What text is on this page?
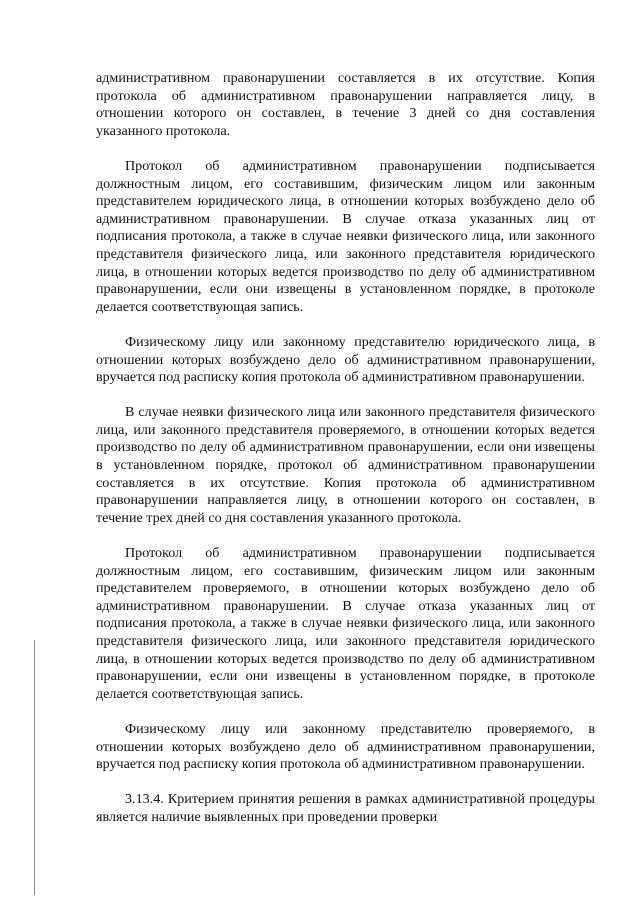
административном правонарушении составляется в их отсутствие. Копия протокола об административном правонарушении направляется лицу, в отношении которого он составлен, в течение 3 дней со дня составления указанного протокола.

Протокол об административном правонарушении подписывается должностным лицом, его составившим, физическим лицом или законным представителем юридического лица, в отношении которых возбуждено дело об административном правонарушении. В случае отказа указанных лиц от подписания протокола, а также в случае неявки физического лица, или законного представителя физического лица, или законного представителя юридического лица, в отношении которых ведется производство по делу об административном правонарушении, если они извещены в установленном порядке, в протоколе делается соответствующая запись.

Физическому лицу или законному представителю юридического лица, в отношении которых возбуждено дело об административном правонарушении, вручается под расписку копия протокола об административном правонарушении.

В случае неявки физического лица или законного представителя физического лица, или законного представителя проверяемого, в отношении которых ведется производство по делу об административном правонарушении, если они извещены в установленном порядке, протокол об административном правонарушении составляется в их отсутствие. Копия протокола об административном правонарушении направляется лицу, в отношении которого он составлен, в течение трех дней со дня составления указанного протокола.

Протокол об административном правонарушении подписывается должностным лицом, его составившим, физическим лицом или законным представителем проверяемого, в отношении которых возбуждено дело об административном правонарушении. В случае отказа указанных лиц от подписания протокола, а также в случае неявки физического лица, или законного представителя физического лица, или законного представителя юридического лица, в отношении которых ведется производство по делу об административном правонарушении, если они извещены в установленном порядке, в протоколе делается соответствующая запись.

Физическому лицу или законному представителю проверяемого, в отношении которых возбуждено дело об административном правонарушении, вручается под расписку копия протокола об административном правонарушении.

3.13.4. Критерием принятия решения в рамках административной процедуры является наличие выявленных при проведении проверки
